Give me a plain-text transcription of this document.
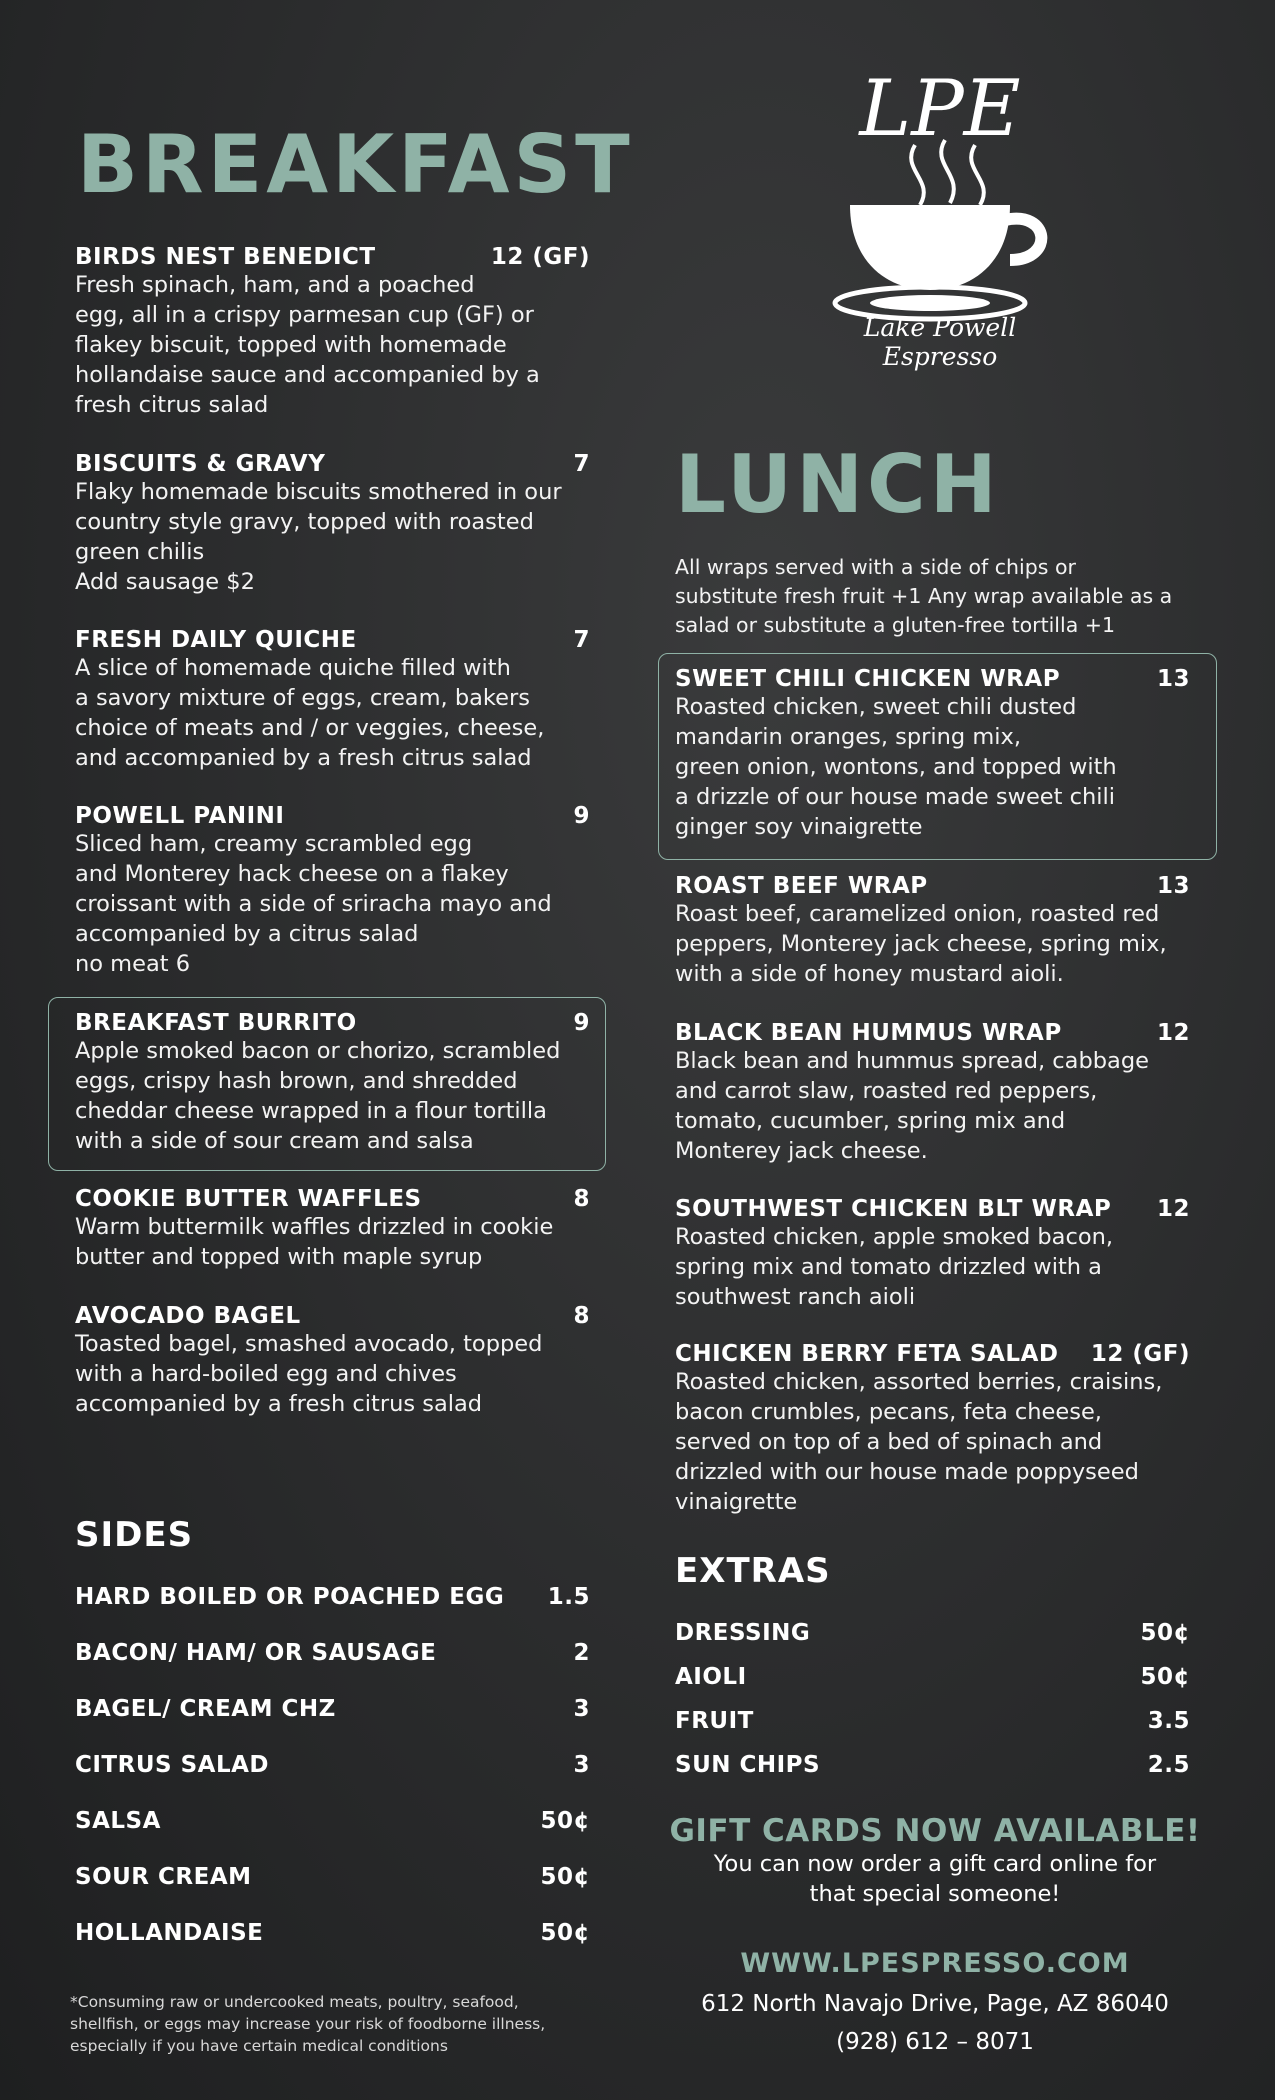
BREAKFAST
BIRDS NEST BENEDICT	12 (GF)
Fresh spinach, ham, and a poached
egg, all in a crispy parmesan cup (GF) or
flakey biscuit, topped with homemade
hollandaise sauce and accompanied by a
fresh citrus salad
BISCUITS & GRAVY	7
Flaky homemade biscuits smothered in our
country style gravy, topped with roasted
green chilis
Add sausage $2
FRESH DAILY QUICHE	7
A slice of homemade quiche filled with
a savory mixture of eggs, cream, bakers
choice of meats and / or veggies, cheese,
and accompanied by a fresh citrus salad
POWELL PANINI	9
Sliced ham, creamy scrambled egg
and Monterey hack cheese on a flakey
croissant with a side of sriracha mayo and
accompanied by a citrus salad
no meat 6
BREAKFAST BURRITO	9
Apple smoked bacon or chorizo, scrambled
eggs, crispy hash brown, and shredded
cheddar cheese wrapped in a flour tortilla
with a side of sour cream and salsa
COOKIE BUTTER WAFFLES	8
Warm buttermilk waffles drizzled in cookie
butter and topped with maple syrup
AVOCADO BAGEL	8
Toasted bagel, smashed avocado, topped
with a hard-boiled egg and chives
accompanied by a fresh citrus salad
SIDES
HARD BOILED OR POACHED EGG 1.5
BACON/ HAM/ OR SAUSAGE	2
BAGEL/ CREAM CHZ	3
CITRUS SALAD	3
SALSA	50¢
SOUR CREAM	50¢
HOLLANDAISE	50¢
*Consuming raw or undercooked meats, poultry, seafood,
shellfish, or eggs may increase your risk of foodborne illness,
especially if you have certain medical conditions
LPE
Lake Powell Espresso
LUNCH
All wraps served with a side of chips or
substitute fresh fruit +1 Any wrap available as a
salad or substitute a gluten-free tortilla +1
SWEET CHILI CHICKEN WRAP	13
Roasted chicken, sweet chili dusted
mandarin oranges, spring mix,
green onion, wontons, and topped with
a drizzle of our house made sweet chili
ginger soy vinaigrette
ROAST BEEF WRAP	13
Roast beef, caramelized onion, roasted red
peppers, Monterey jack cheese, spring mix,
with a side of honey mustard aioli.
BLACK BEAN HUMMUS WRAP	12
Black bean and hummus spread, cabbage
and carrot slaw, roasted red peppers,
tomato, cucumber, spring mix and
Monterey jack cheese.
SOUTHWEST CHICKEN BLT WRAP 12
Roasted chicken, apple smoked bacon,
spring mix and tomato drizzled with a
southwest ranch aioli
CHICKEN BERRY FETA SALAD 12 (GF)
Roasted chicken, assorted berries, craisins,
bacon crumbles, pecans, feta cheese,
served on top of a bed of spinach and
drizzled with our house made poppyseed
vinaigrette
EXTRAS
DRESSING	50¢
AIOLI	50¢
FRUIT	3.5
SUN CHIPS	2.5
GIFT CARDS NOW AVAILABLE!
You can now order a gift card online for
that special someone!
WWW.LPESPRESSO.COM
612 North Navajo Drive, Page, AZ 86040
(928) 612 – 8071
